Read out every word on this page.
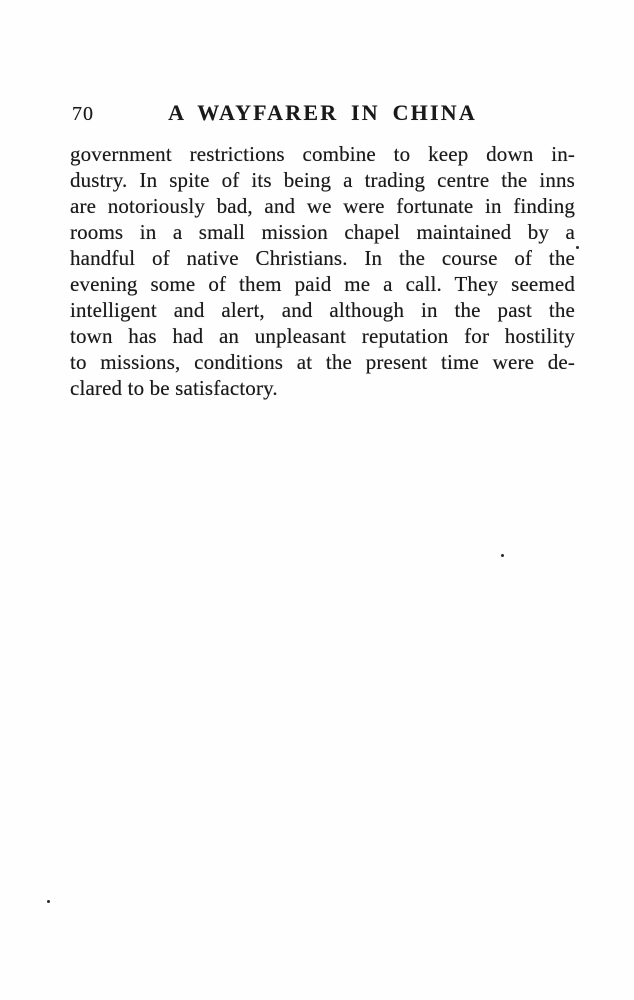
70	A WAYFARER IN CHINA
government restrictions combine to keep down in-
dustry. In spite of its being a trading centre the inns
are notoriously bad, and we were fortunate in finding
rooms in a small mission chapel maintained by a
handful of native Christians. In the course of the
evening some of them paid me a call. They seemed
intelligent and alert, and although in the past the
town has had an unpleasant reputation for hostility
to missions, conditions at the present time were de-
clared to be satisfactory.
